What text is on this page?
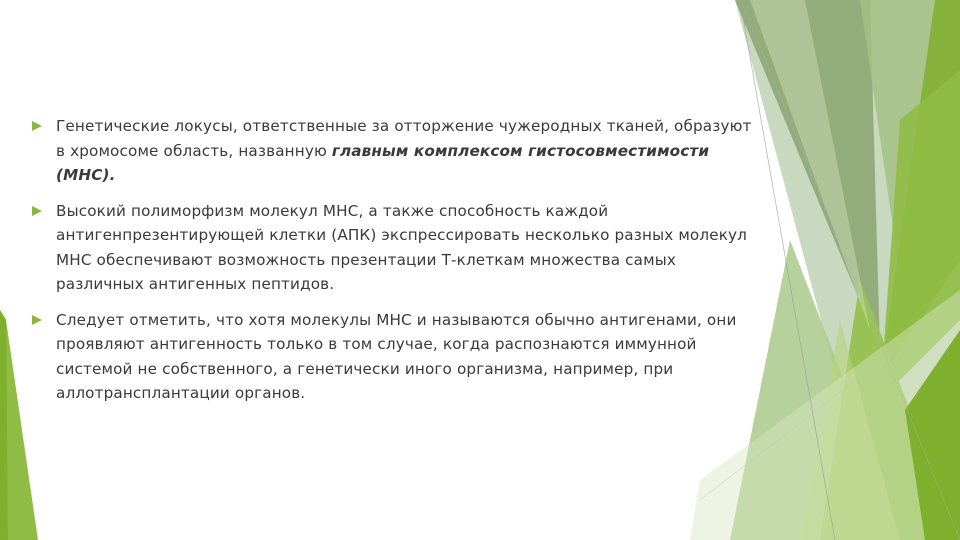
Генетические локусы, ответственные за отторжение чужеродных тканей, образуют в хромосоме область, названную главным комплексом гистосовместимости (МНС).
Высокий полиморфизм молекул МНС, а также способность каждой антигенпрезентирующей клетки (АПК) экспрессировать несколько разных молекул МНС обеспечивают возможность презентации Т-клеткам множества самых различных антигенных пептидов.
Следует отметить, что хотя молекулы МНС и называются обычно антигенами, они проявляют антигенность только в том случае, когда распознаются иммунной системой не собственного, а генетически иного организма, например, при аллотрансплантации органов.
